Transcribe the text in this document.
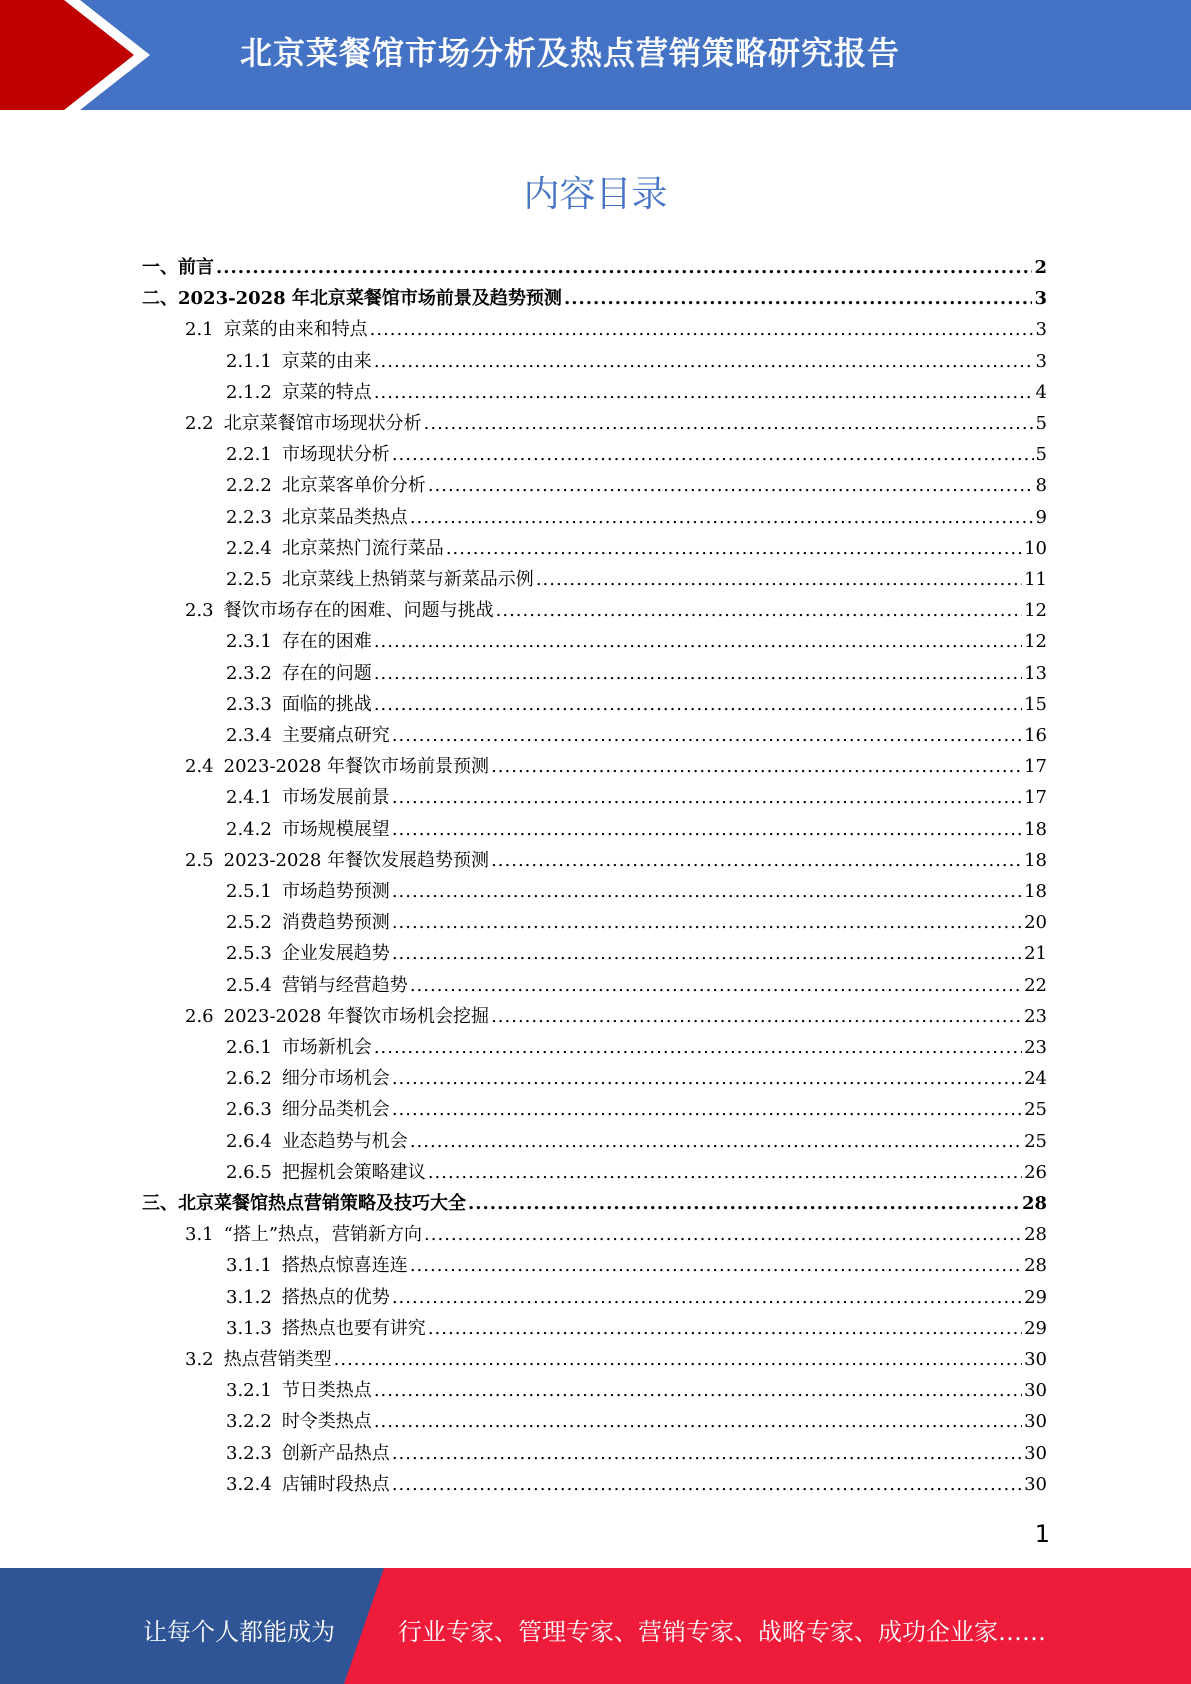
北京菜餐馆市场分析及热点营销策略研究报告
内容目录
一、 前言 .....	2
二、 2023-2028 年北京菜餐馆市场前景及趋势预测 .....	3
2.1 京菜的由来和特点 .....	3
2.1.1 京菜的由来 .....	3
2.1.2 京菜的特点 .....	4
2.2 北京菜餐馆市场现状分析 .....	5
2.2.1 市场现状分析 .....	5
2.2.2 北京菜客单价分析 .....	8
2.2.3 北京菜品类热点 .....	9
2.2.4 北京菜热门流行菜品 .....	10
2.2.5 北京菜线上热销菜与新菜品示例 .....	11
2.3 餐饮市场存在的困难、问题与挑战 .....	12
2.3.1 存在的困难 .....	12
2.3.2 存在的问题 .....	13
2.3.3 面临的挑战 .....	15
2.3.4 主要痛点研究 .....	16
2.4 2023-2028 年餐饮市场前景预测 .....	17
2.4.1 市场发展前景 .....	17
2.4.2 市场规模展望 .....	18
2.5 2023-2028 年餐饮发展趋势预测 .....	18
2.5.1 市场趋势预测 .....	18
2.5.2 消费趋势预测 .....	20
2.5.3 企业发展趋势 .....	21
2.5.4 营销与经营趋势 .....	22
2.6 2023-2028 年餐饮市场机会挖掘 .....	23
2.6.1 市场新机会 .....	23
2.6.2 细分市场机会 .....	24
2.6.3 细分品类机会 .....	25
2.6.4 业态趋势与机会 .....	25
2.6.5 把握机会策略建议 .....	26
三、 北京菜餐馆热点营销策略及技巧大全 .....	28
3.1 “搭上”热点，营销新方向 .....	28
3.1.1 搭热点惊喜连连 .....	28
3.1.2 搭热点的优势 .....	29
3.1.3 搭热点也要有讲究 .....	29
3.2 热点营销类型 .....	30
3.2.1 节日类热点 .....	30
3.2.2 时令类热点 .....	30
3.2.3 创新产品热点 .....	30
3.2.4 店铺时段热点 .....	30
1
让每个人都能成为	行业专家、管理专家、营销专家、战略专家、成功企业家……
